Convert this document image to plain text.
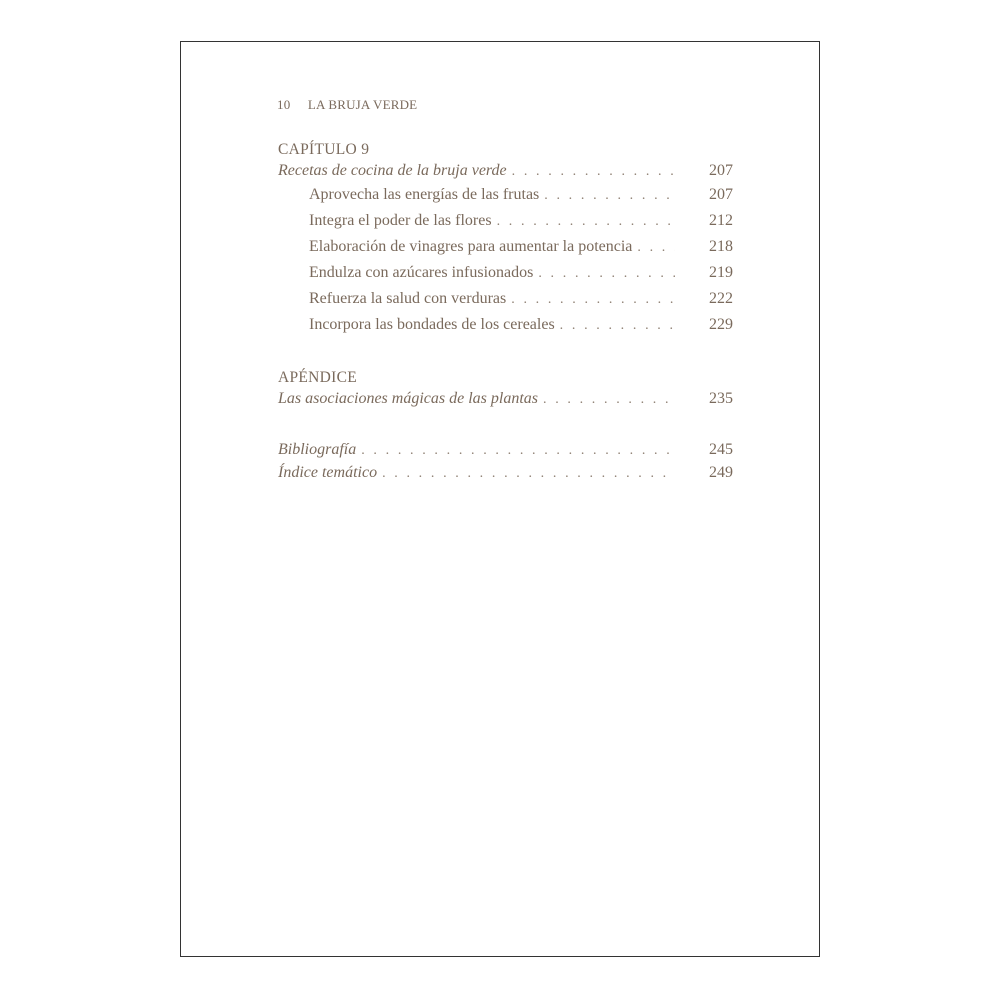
10 LA BRUJA VERDE
CAPÍTULO 9
Recetas de cocina de la bruja verde . . .	207
Aprovecha las energías de las frutas . . .	207
Integra el poder de las flores . . .	212
Elaboración de vinagres para aumentar la potencia . . .	218
Endulza con azúcares infusionados . . .	219
Refuerza la salud con verduras . . .	222
Incorpora las bondades de los cereales . . .	229
APÉNDICE
Las asociaciones mágicas de las plantas . . .	235
Bibliografía . . .	245
Índice temático . . .	249
